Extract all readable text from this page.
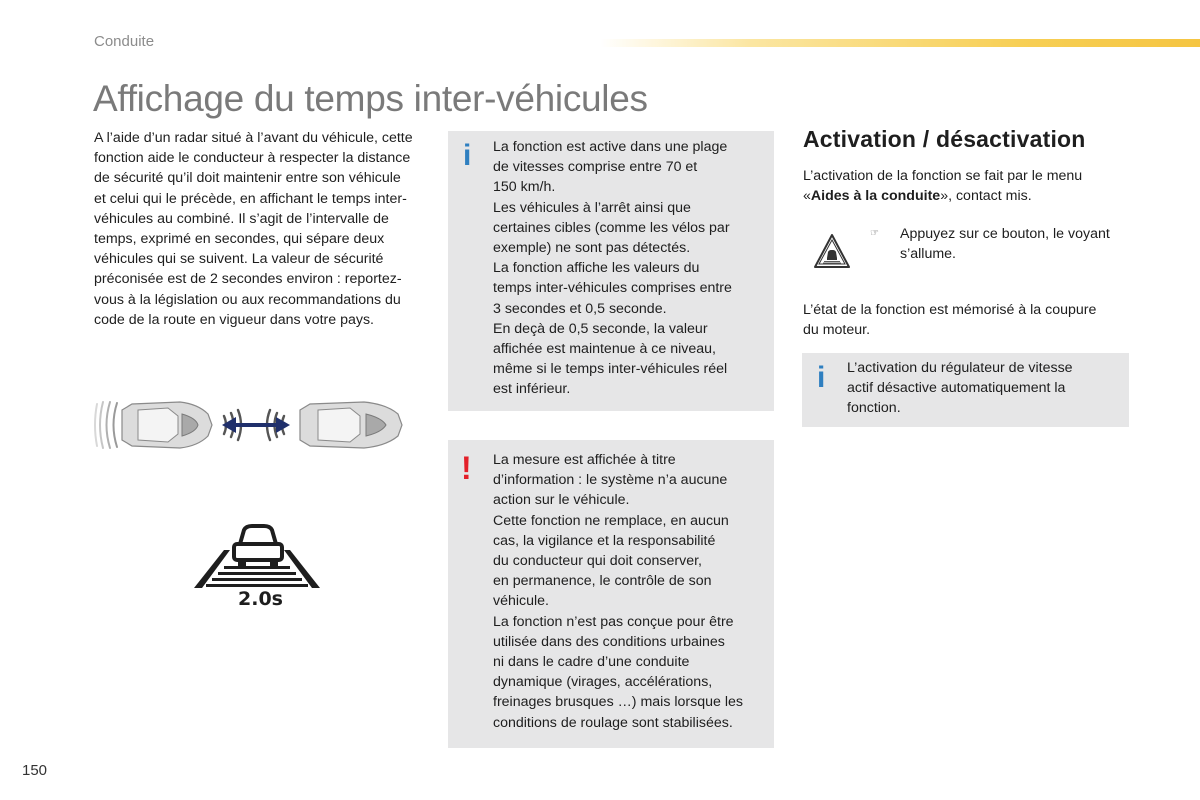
Conduite
Affichage du temps inter-véhicules

A l’aide d’un radar situé à l’avant du véhicule, cette fonction aide le conducteur à respecter la distance de sécurité qu’il doit maintenir entre son véhicule et celui qui le précède, en affichant le temps inter-véhicules au combiné. Il s’agit de l’intervalle de temps, exprimé en secondes, qui sépare deux véhicules qui se suivent. La valeur de sécurité préconisée est de 2 secondes environ : reportez-vous à la législation ou aux recommandations du code de la route en vigueur dans votre pays.

2.0s
i La fonction est active dans une plage
de vitesses comprise entre 70 et
150 km/h.
Les véhicules à l’arrêt ainsi que
certaines cibles (comme les vélos par
exemple) ne sont pas détectés.
La fonction affiche les valeurs du
temps inter-véhicules comprises entre
3 secondes et 0,5 seconde.
En deçà de 0,5 seconde, la valeur
affichée est maintenue à ce niveau,
même si le temps inter-véhicules réel
est inférieur.
! La mesure est affichée à titre
d’information : le système n’a aucune
action sur le véhicule.
Cette fonction ne remplace, en aucun
cas, la vigilance et la responsabilité
du conducteur qui doit conserver,
en permanence, le contrôle de son
véhicule.
La fonction n’est pas conçue pour être
utilisée dans des conditions urbaines
ni dans le cadre d’une conduite
dynamique (virages, accélérations,
freinages brusques …) mais lorsque les
conditions de roulage sont stabilisées.
Activation / désactivation

L’activation de la fonction se fait par le menu
«Aides à la conduite», contact mis.

☞ Appuyez sur ce bouton, le voyant
s’allume.

L’état de la fonction est mémorisé à la coupure
du moteur.

i L’activation du régulateur de vitesse
actif désactive automatiquement la
fonction.
150
